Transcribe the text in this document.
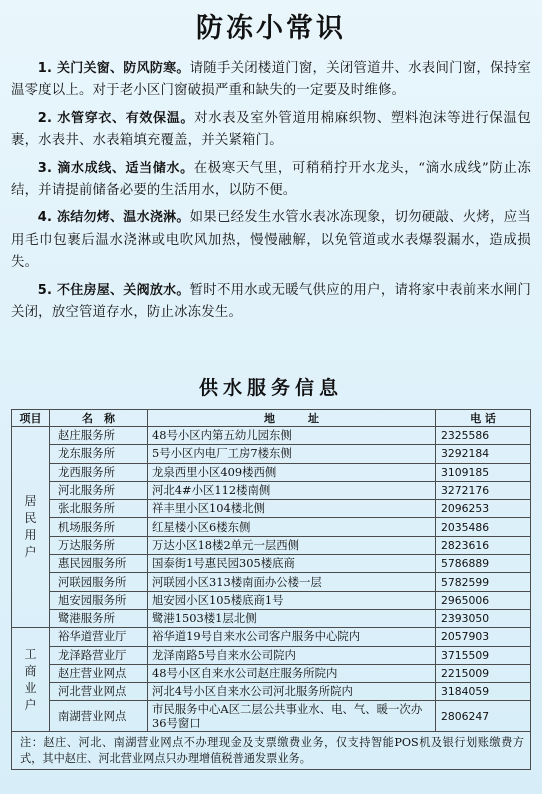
防冻小常识

1. 关门关窗、防风防寒。请随手关闭楼道门窗，关闭管道井、水表间门窗，保持室温零度以上。对于老小区门窗破损严重和缺失的一定要及时维修。

2. 水管穿衣、有效保温。对水表及室外管道用棉麻织物、塑料泡沫等进行保温包裹，水表井、水表箱填充覆盖，并关紧箱门。

3. 滴水成线、适当储水。在极寒天气里，可稍稍拧开水龙头，“滴水成线”防止冻结，并请提前储备必要的生活用水，以防不便。

4. 冻结勿烤、温水浇淋。如果已经发生水管水表冰冻现象，切勿硬敲、火烤，应当用毛巾包裹后温水浇淋或电吹风加热，慢慢融解，以免管道或水表爆裂漏水，造成损失。

5. 不住房屋、关阀放水。暂时不用水或无暖气供应的用户，请将家中表前来水闸门关闭，放空管道存水，防止冰冻发生。

供水服务信息
项目	名　称	地　　　址	电 话

居
民
用
户	赵庄服务所	48号小区内第五幼儿园东侧	2325586
	龙东服务所	5号小区内电厂工房7楼东侧	3292184
	龙西服务所	龙泉西里小区409楼西侧	3109185
	河北服务所	河北4#小区112楼南侧	3272176
	张北服务所	祥丰里小区104楼北侧	2096253
	机场服务所	红星楼小区6楼东侧	2035486
	万达服务所	万达小区18楼2单元一层西侧	2823616
	惠民园服务所	国泰街1号惠民园305楼底商	5786889
	河联园服务所	河联园小区313楼南面办公楼一层	5782599
	旭安园服务所	旭安园小区105楼底商1号	2965006
	鹭港服务所	鹭港1503楼1层北侧	2393050

工
商
业
户	裕华道营业厅	裕华道19号自来水公司客户服务中心院内	2057903
	龙泽路营业厅	龙泽南路5号自来水公司院内	3715509
	赵庄营业网点	48号小区自来水公司赵庄服务所院内	2215009
	河北营业网点	河北4号小区自来水公司河北服务所院内	3184059
	南湖营业网点	市民服务中心A区二层公共事业水、电、气、暖一次办36号窗口	2806247
注：赵庄、河北、南湖营业网点不办理现金及支票缴费业务，仅支持智能POS机及银行划账缴费方式，其中赵庄、河北营业网点只办理增值税普通发票业务。			
